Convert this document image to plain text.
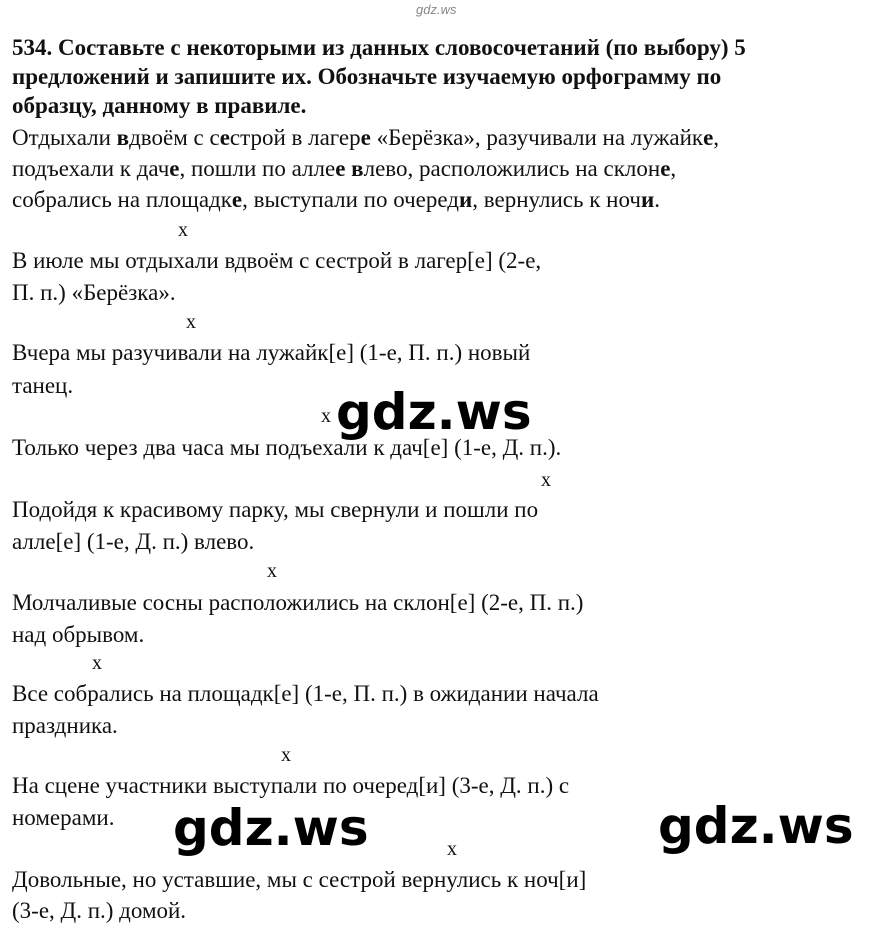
gdz.ws
534. Составьте с некоторыми из данных словосочетаний (по выбору) 5
предложений и запишите их. Обозначьте изучаемую орфограмму по
образцу, данному в правиле.
Отдыхали вдвоём с сестрой в лагере «Берёзка», разучивали на лужайке,
подъехали к даче, пошли по аллее влево, расположились на склоне,
собрались на площадке, выступали по очереди, вернулись к ночи.
x
В июле мы отдыхали вдвоём с сестрой в лагер[е] (2-е,
П. п.) «Берёзка».
x
Вчера мы разучивали на лужайк[е] (1-е, П. п.) новый
танец.
x
Только через два часа мы подъехали к дач[е] (1-е, Д. п.).
x
Подойдя к красивому парку, мы свернули и пошли по
алле[е] (1-е, Д. п.) влево.
x
Молчаливые сосны расположились на склон[е] (2-е, П. п.)
над обрывом.
x
Все собрались на площадк[е] (1-е, П. п.) в ожидании начала
праздника.
x
На сцене участники выступали по очеред[и] (3-е, Д. п.) с
номерами.
x
Довольные, но уставшие, мы с сестрой вернулись к ноч[и]
(3-е, Д. п.) домой.
gdz.ws
gdz.ws	gdz.ws
